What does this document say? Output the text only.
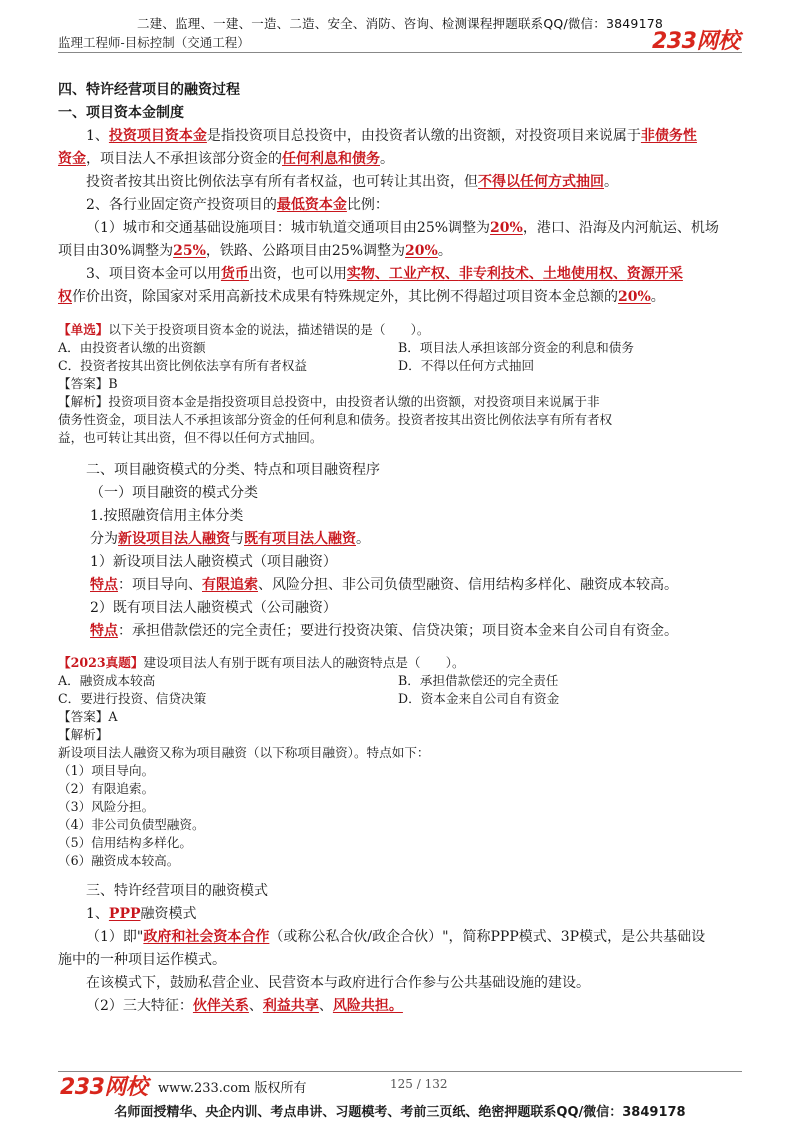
二建、监理、一建、一造、二造、安全、消防、咨询、检测课程押题联系QQ/微信：3849178
监理工程师-目标控制（交通工程）	233网校
四、特许经营项目的融资过程
一、项目资本金制度
1、投资项目资本金是指投资项目总投资中，由投资者认缴的出资额，对投资项目来说属于非债务性
资金，项目法人不承担该部分资金的任何利息和债务。
投资者按其出资比例依法享有所有者权益，也可转让其出资，但不得以任何方式抽回。
2、各行业固定资产投资项目的最低资本金比例：
（1）城市和交通基础设施项目：城市轨道交通项目由25%调整为20%，港口、沿海及内河航运、机场
项目由30%调整为25%，铁路、公路项目由25%调整为20%。
3、项目资本金可以用货币出资，也可以用实物、工业产权、非专利技术、土地使用权、资源开采
权作价出资，除国家对采用高新技术成果有特殊规定外，其比例不得超过项目资本金总额的20%。
【单选】以下关于投资项目资本金的说法，描述错误的是（　　）。
A．由投资者认缴的出资额	B．项目法人承担该部分资金的利息和债务
C．投资者按其出资比例依法享有所有者权益	D．不得以任何方式抽回
【答案】B
【解析】投资项目资本金是指投资项目总投资中，由投资者认缴的出资额，对投资项目来说属于非
债务性资金，项目法人不承担该部分资金的任何利息和债务。投资者按其出资比例依法享有所有者权
益，也可转让其出资，但不得以任何方式抽回。
二、项目融资模式的分类、特点和项目融资程序
（一）项目融资的模式分类
1.按照融资信用主体分类
分为新设项目法人融资与既有项目法人融资。
1）新设项目法人融资模式（项目融资）
特点：项目导向、有限追索、风险分担、非公司负债型融资、信用结构多样化、融资成本较高。
2）既有项目法人融资模式（公司融资）
特点：承担借款偿还的完全责任；要进行投资决策、信贷决策；项目资本金来自公司自有资金。
【2023真题】建设项目法人有别于既有项目法人的融资特点是（　　）。
A．融资成本较高	B．承担借款偿还的完全责任
C．要进行投资、信贷决策	D．资本金来自公司自有资金
【答案】A
【解析】
新设项目法人融资又称为项目融资（以下称项目融资）。特点如下：
（1）项目导向。
（2）有限追索。
（3）风险分担。
（4）非公司负债型融资。
（5）信用结构多样化。
（6）融资成本较高。
三、特许经营项目的融资模式
1、PPP融资模式
（1）即"政府和社会资本合作（或称公私合伙/政企合伙）"，简称PPP模式、3P模式，是公共基础设
施中的一种项目运作模式。
在该模式下，鼓励私营企业、民营资本与政府进行合作参与公共基础设施的建设。
（2）三大特征：伙伴关系、利益共享、风险共担。
233网校 www.233.com 版权所有	125 / 132
名师面授精华、央企内训、考点串讲、习题模考、考前三页纸、绝密押题联系QQ/微信：3849178
